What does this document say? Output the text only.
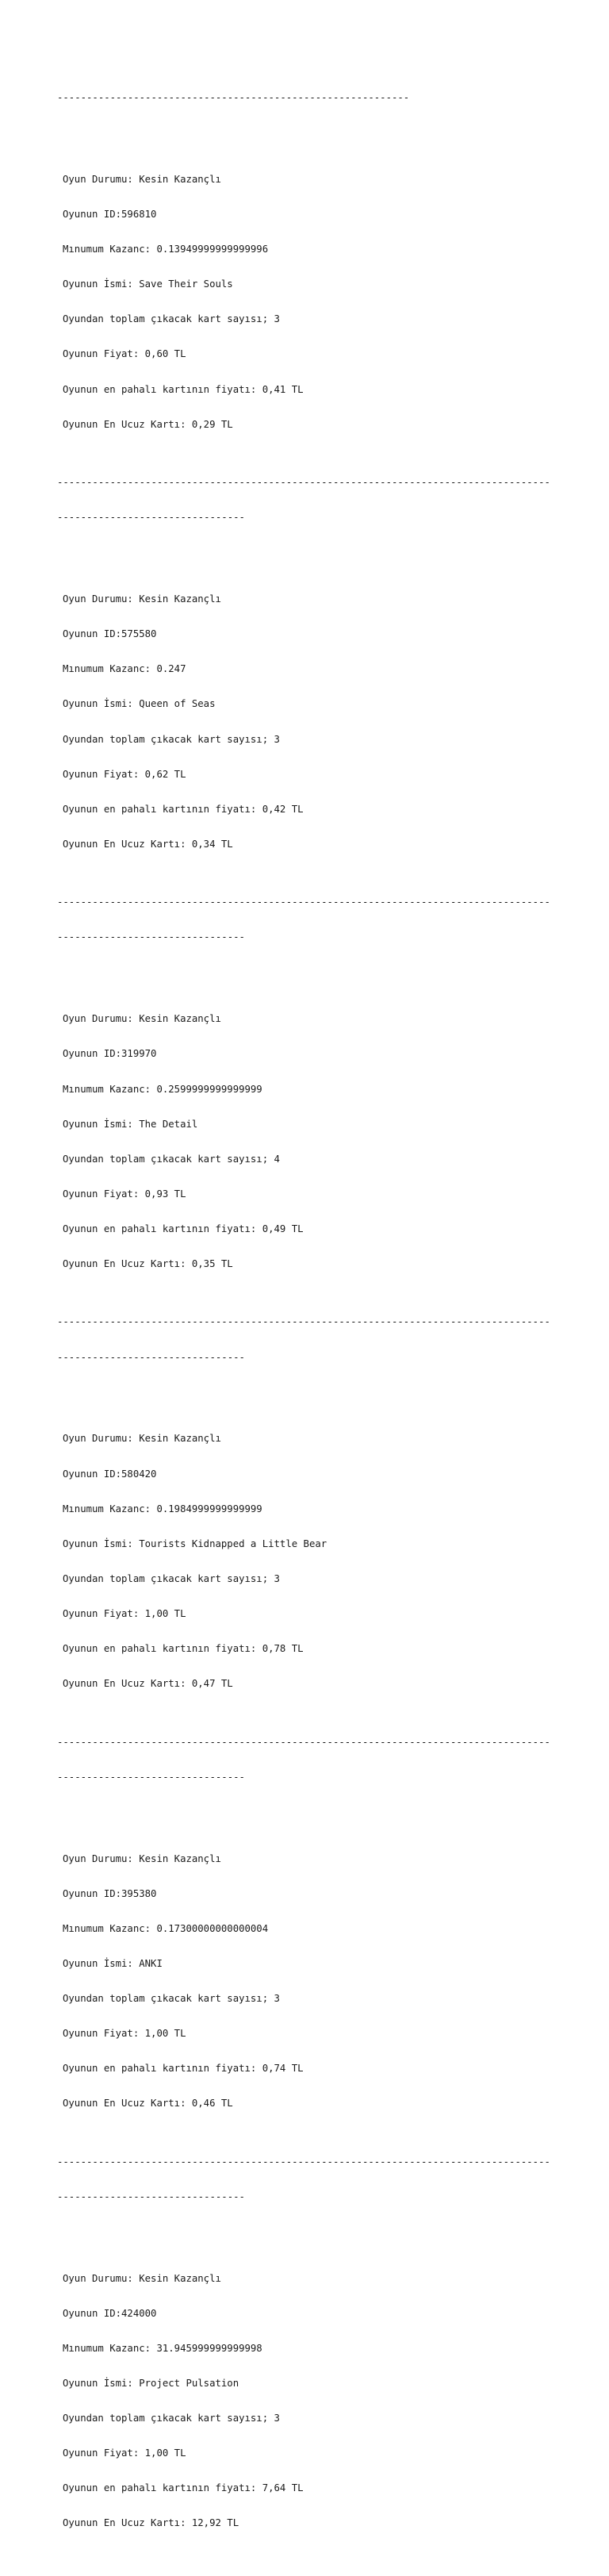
------------------------------------------------------------

Oyun Durumu: Kesin Kazançlı

Oyunun ID:596810

Mınumum Kazanc: 0.13949999999999996

Oyunun İsmi: Save Their Souls

Oyundan toplam çıkacak kart sayısı; 3

Oyunun Fiyat: 0,60 TL

Oyunun en pahalı kartının fiyatı: 0,41 TL

Oyunun En Ucuz Kartı: 0,29 TL

------------------------------------------------------------------------------------

--------------------------------

Oyun Durumu: Kesin Kazançlı

Oyunun ID:575580

Mınumum Kazanc: 0.247

Oyunun İsmi: Queen of Seas

Oyundan toplam çıkacak kart sayısı; 3

Oyunun Fiyat: 0,62 TL

Oyunun en pahalı kartının fiyatı: 0,42 TL

Oyunun En Ucuz Kartı: 0,34 TL

------------------------------------------------------------------------------------

--------------------------------

Oyun Durumu: Kesin Kazançlı

Oyunun ID:319970

Mınumum Kazanc: 0.2599999999999999

Oyunun İsmi: The Detail

Oyundan toplam çıkacak kart sayısı; 4

Oyunun Fiyat: 0,93 TL

Oyunun en pahalı kartının fiyatı: 0,49 TL

Oyunun En Ucuz Kartı: 0,35 TL

------------------------------------------------------------------------------------

--------------------------------

Oyun Durumu: Kesin Kazançlı

Oyunun ID:580420

Mınumum Kazanc: 0.1984999999999999

Oyunun İsmi: Tourists Kidnapped a Little Bear

Oyundan toplam çıkacak kart sayısı; 3

Oyunun Fiyat: 1,00 TL

Oyunun en pahalı kartının fiyatı: 0,78 TL

Oyunun En Ucuz Kartı: 0,47 TL

------------------------------------------------------------------------------------

--------------------------------

Oyun Durumu: Kesin Kazançlı

Oyunun ID:395380

Mınumum Kazanc: 0.17300000000000004

Oyunun İsmi: ANKI

Oyundan toplam çıkacak kart sayısı; 3

Oyunun Fiyat: 1,00 TL

Oyunun en pahalı kartının fiyatı: 0,74 TL

Oyunun En Ucuz Kartı: 0,46 TL

------------------------------------------------------------------------------------

--------------------------------

Oyun Durumu: Kesin Kazançlı

Oyunun ID:424000

Mınumum Kazanc: 31.945999999999998

Oyunun İsmi: Project Pulsation

Oyundan toplam çıkacak kart sayısı; 3

Oyunun Fiyat: 1,00 TL

Oyunun en pahalı kartının fiyatı: 7,64 TL

Oyunun En Ucuz Kartı: 12,92 TL
